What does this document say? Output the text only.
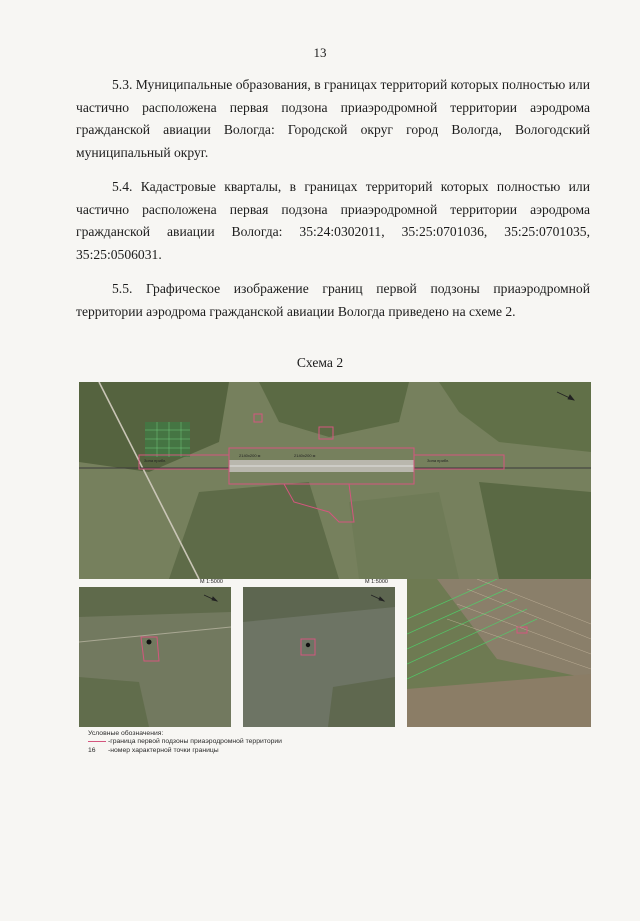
13

5.3. Муниципальные образования, в границах территорий которых полностью или частично расположена первая подзона приаэродромной территории аэродрома гражданской авиации Вологда: Городской округ город Вологда, Вологодский муниципальный округ.

5.4. Кадастровые кварталы, в границах территорий которых полностью или частично расположена первая подзона приаэродромной территории аэродрома гражданской авиации Вологда: 35:24:0302011, 35:25:0701036, 35:25:0701035, 35:25:0506031.

5.5. Графическое изображение границ первой подзоны приаэродромной территории аэродрома гражданской авиации Вологда приведено на схеме 2.

Схема 2
Зона прибл.
2140x200 м	2140x200 м
Зона прибл.
М 1:5000	М 1:5000
Условные обозначения:
-граница первой подзоны приаэродромной территории
16	-номер характерной точки границы
